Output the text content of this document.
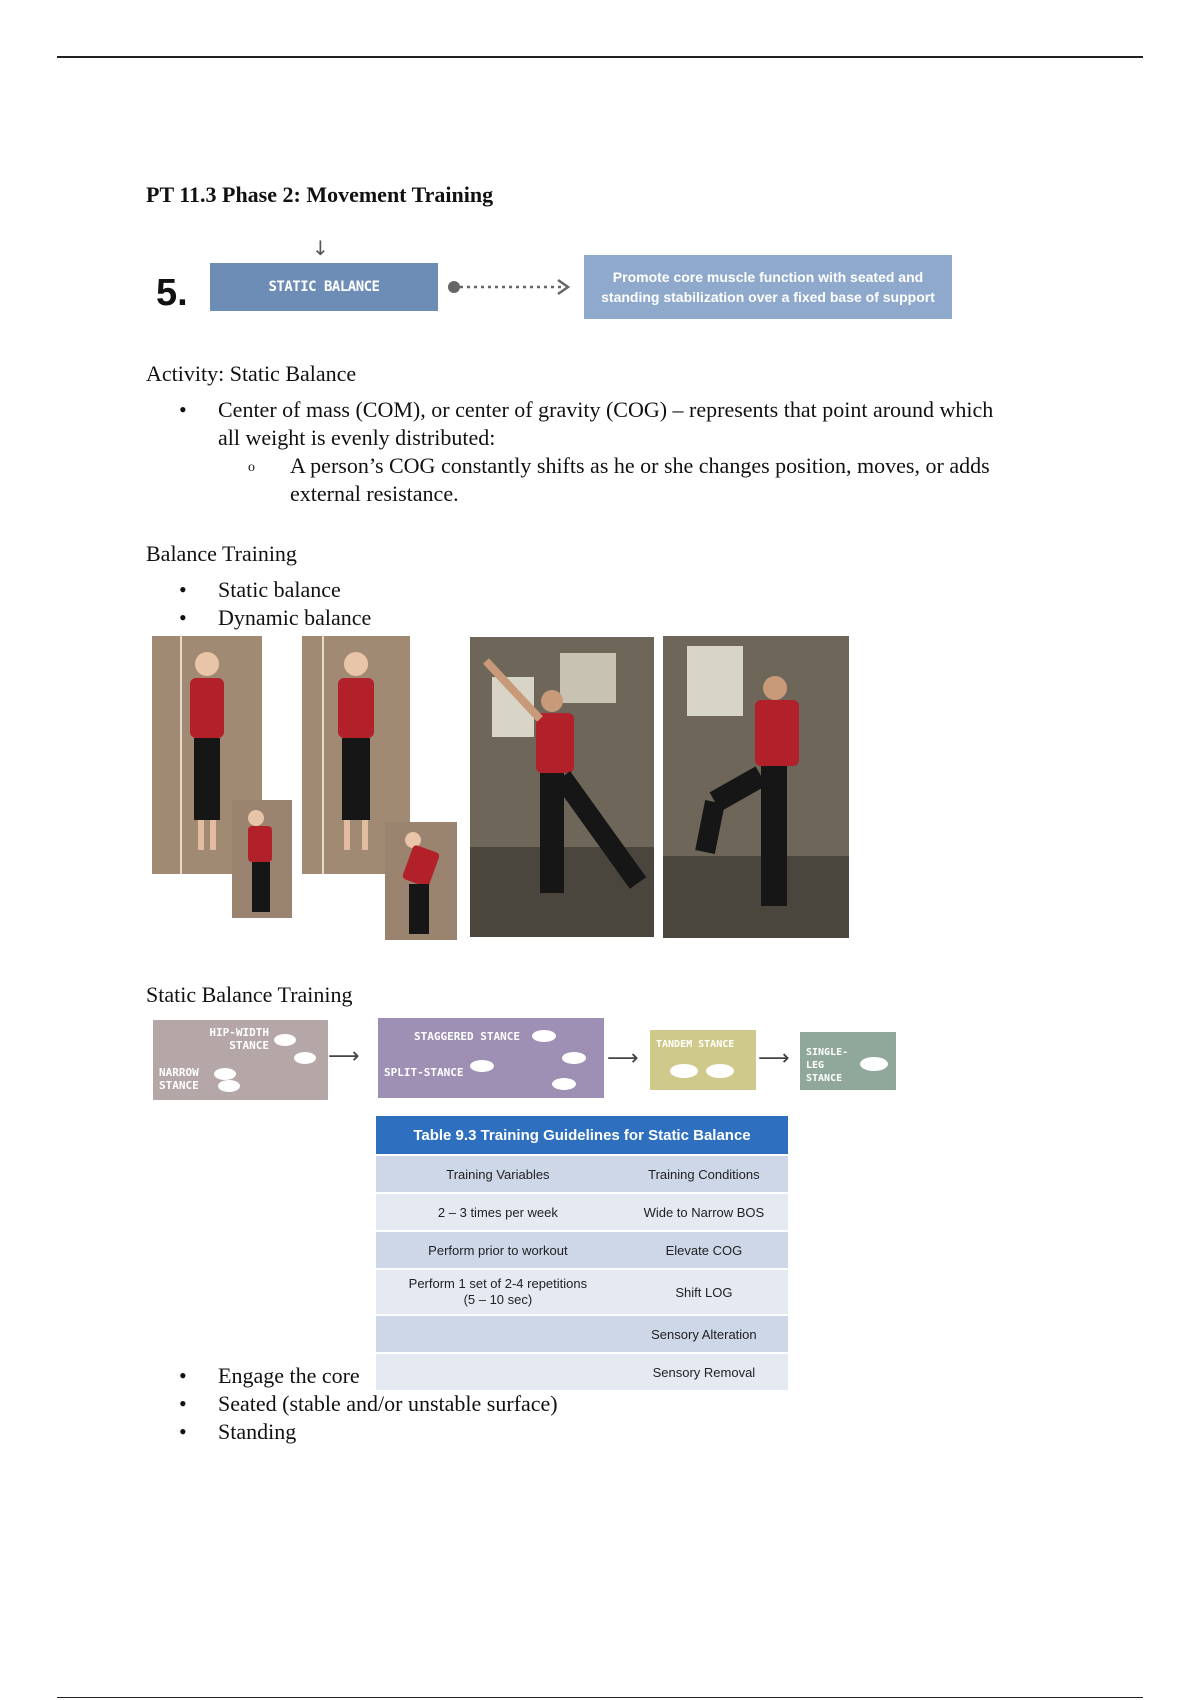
PT 11.3 Phase 2: Movement Training
↓
5.	STATIC BALANCE
Promote core muscle function with seated and
standing stabilization over a fixed base of support
Activity: Static Balance
• Center of mass (COM), or center of gravity (COG) – represents that point around which
all weight is evenly distributed:
o A person’s COG constantly shifts as he or she changes position, moves, or adds
external resistance.
Balance Training
• Static balance
• Dynamic balance
Static Balance Training
HIP-WIDTH STANCE
NARROW STANCE
⟶
STAGGERED STANCE
SPLIT-STANCE
⟶
TANDEM STANCE
⟶ SINGLE-LEG STANCE
Table 9.3 Training Guidelines for Static Balance	
Training Variables	Training Conditions
2 – 3 times per week	Wide to Narrow BOS
Perform prior to workout	Elevate COG

Perform 1 set of 2-4 repetitions
(5 – 10 sec)	Shift LOG
	Sensory Alteration
	Sensory Removal
• Engage the core
• Seated (stable and/or unstable surface)
• Standing
